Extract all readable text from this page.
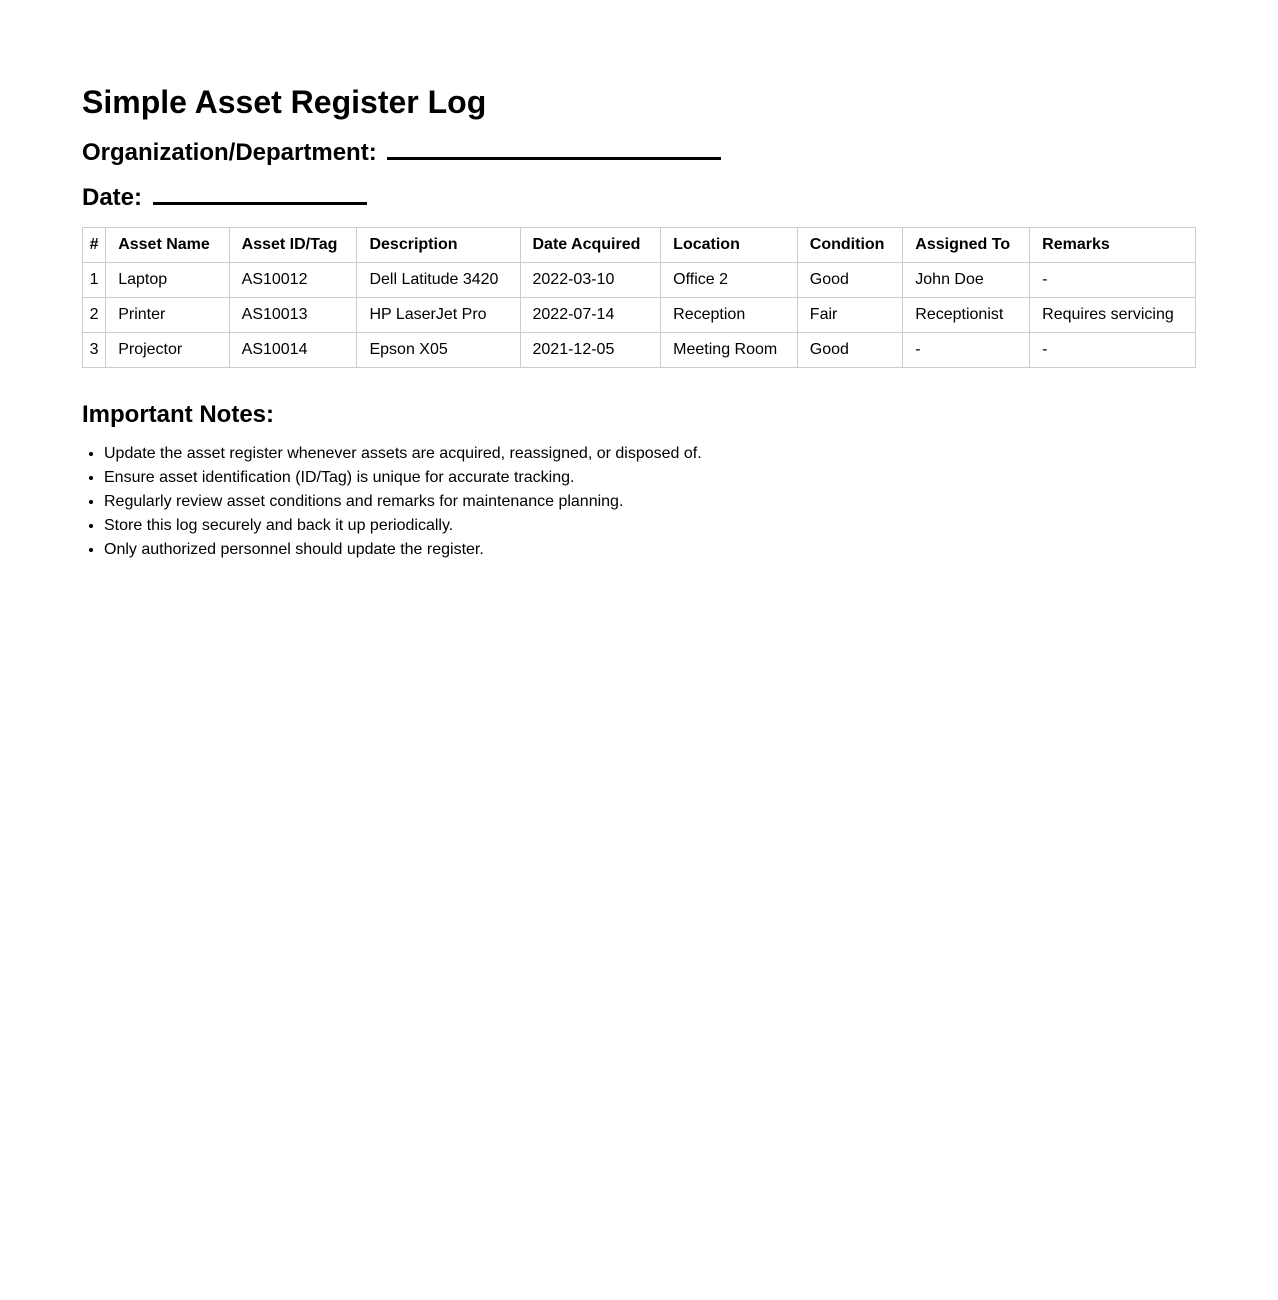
Simple Asset Register Log
Organization/Department:
Date:
#	Asset Name	Asset ID/Tag	Description	Date Acquired	Location	Condition	Assigned To	Remarks
1	Laptop	AS10012	Dell Latitude 3420	2022-03-10	Office 2	Good	John Doe	-
2	Printer	AS10013	HP LaserJet Pro	2022-07-14	Reception	Fair	Receptionist	Requires servicing
3	Projector	AS10014	Epson X05	2021-12-05	Meeting Room	Good	-	-
Important Notes:
• Update the asset register whenever assets are acquired, reassigned, or disposed of.
• Ensure asset identification (ID/Tag) is unique for accurate tracking.
• Regularly review asset conditions and remarks for maintenance planning.
• Store this log securely and back it up periodically.
• Only authorized personnel should update the register.
